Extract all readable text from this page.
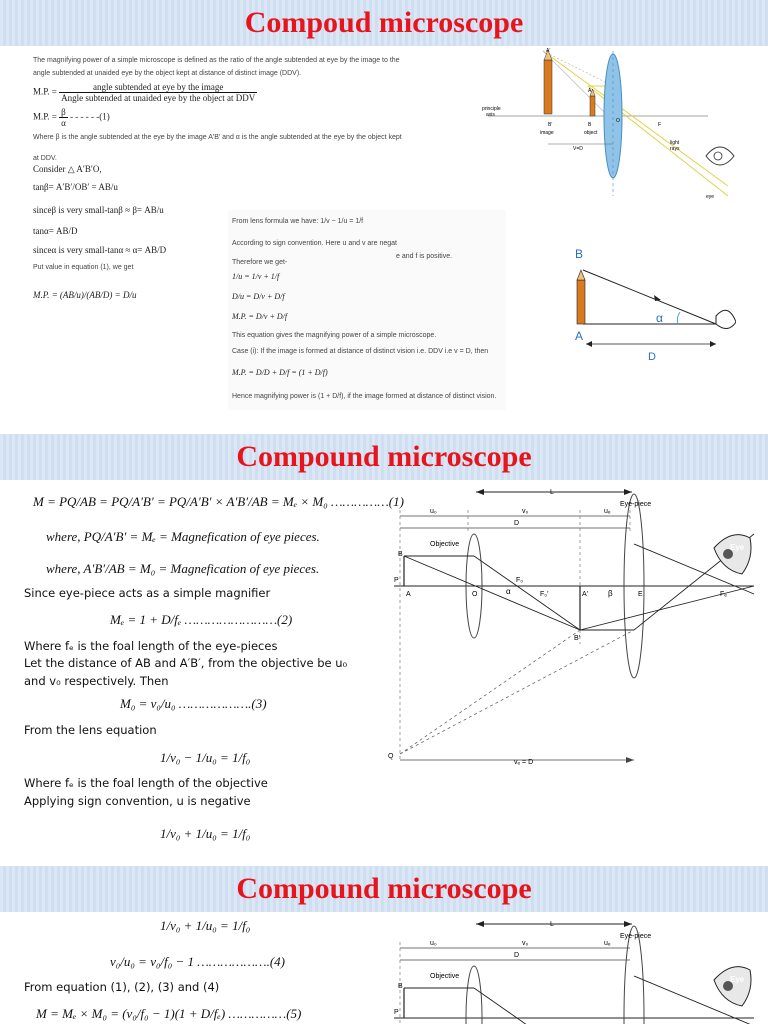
Compoud microscope
The magnifying power of a simple microscope is defined as the ratio of the angle subtended at eye by the image to the
angle subtended at unaided eye by the object kept at distance of distinct image (DDV).
M.P. = $\frac{\text{angle subtended at eye by the image}}{\text{Angle subtended at unaided eye by the object at DDV}}$
M.P. = $\frac{\beta}{\alpha}$ - - - - - -(1)
Where β is the angle subtended at the eye by the image A′B′ and α is the angle subtended at the eye by the object kept
at DDV.
Consider △ A′B′O,
tanβ= A′B′/OB′ = AB/u
sinceβ is very small-tanβ ≈ β= AB/u
tanα= AB/D
sinceα is very small-tanα ≈ α= AB/D
Put value in equation (1), we get
M.P. = (AB/u)/(AB/D) = D/u
From lens formula we have: 1/v − 1/u = 1/f
According to sign convention. Here u and v are negat
e and f is positive.
Therefore we get-
1/u = 1/v + 1/f
D/u = D/v + D/f
M.P. = D/v + D/f
This equation gives the magnifying power of a simple microscope.
Case (i): If the image is formed at distance of distinct vision i.e. DDV i.e v = D, then
M.P. = D/D + D/f = (1 + D/f)
Hence magnifying power is (1 + D/f), if the image formed at distance of distinct vision.
A′
principle
axis
B′
image	object
A
B
O
F
V=D
light
rays
eye
B
A
α
D
Compound microscope
M = PQ/AB = PQ/A′B′ = PQ/A′B′ × A′B′/AB = Mₑ × M₀ ……………(1)
where, PQ/A′B′ = Mₑ = Magnefication of eye pieces.
where, A′B′/AB = M₀ = Magnefication of eye pieces.
Since eye-piece acts as a simple magnifier
Mₑ = 1 + D/fₑ ……………………(2)
Where fₑ is the foal length of the eye-pieces
Let the distance of AB and A′B′, from the objective be u₀
and v₀ respectively. Then
M₀ = v₀/u₀ ……………….(3)
From the lens equation
1/v₀ − 1/u₀ = 1/f₀
Where fₑ is the foal length of the objective
Applying sign convention, u is negative
1/v₀ + 1/u₀ = 1/f₀
L
u₀	v₀	uₑ
D
Eye-piece
Objective	Eye
B
P
A	O
F₀
F₀′
α	A′	β	E	Fₑ
B′
Q
vₑ = D
Compound microscope
1/v₀ + 1/u₀ = 1/f₀
v₀/u₀ = v₀/f₀ − 1 ……………….(4)
From equation (1), (2), (3) and (4)
M = Mₑ × M₀ = (v₀/f₀ − 1)(1 + D/fₑ) ……………(5)
L
u₀	v₀	uₑ
D
Eye-piece
Objective	Eye
B
P
